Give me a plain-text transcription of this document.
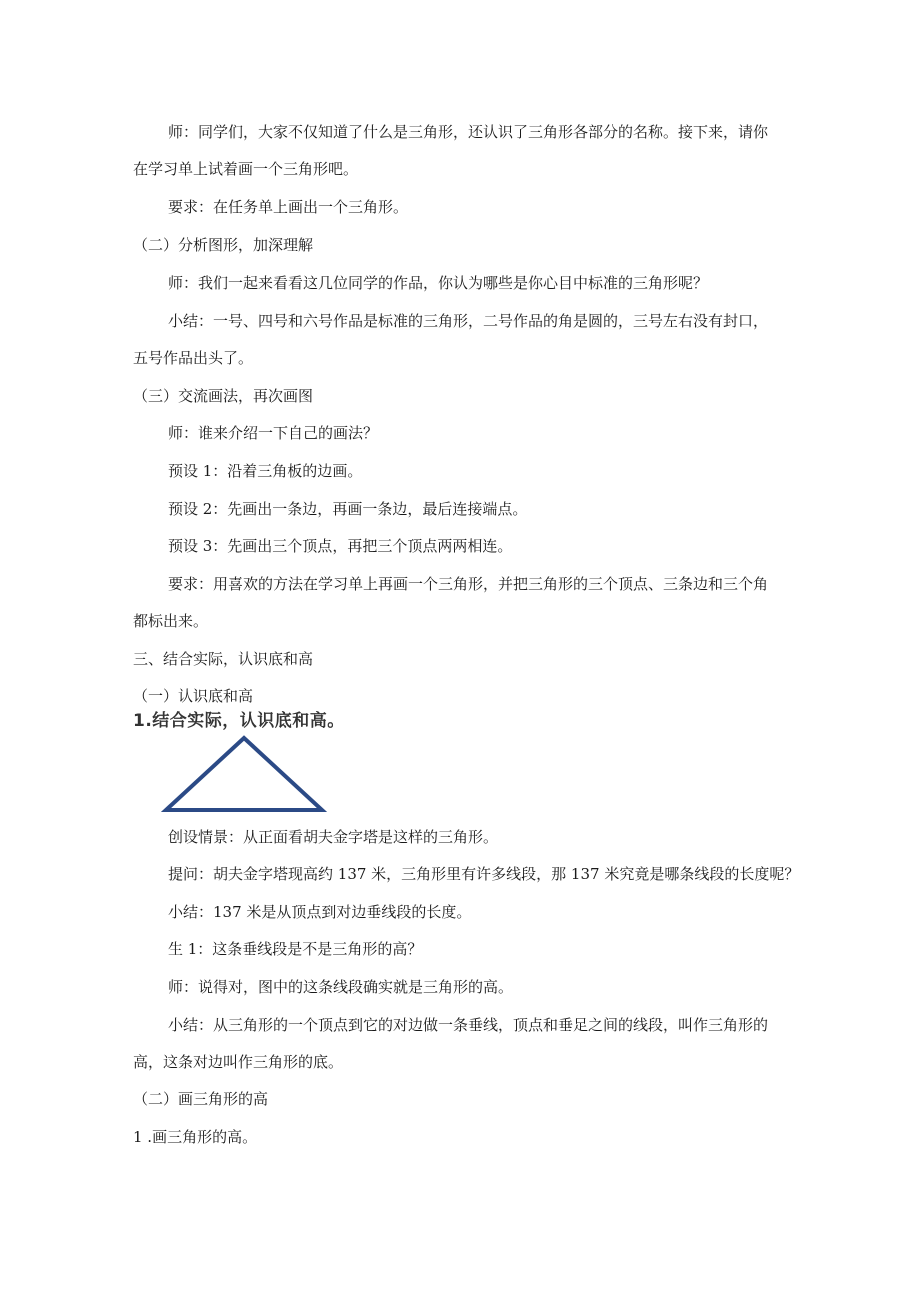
师：同学们，大家不仅知道了什么是三角形，还认识了三角形各部分的名称。接下来，请你
在学习单上试着画一个三角形吧。
要求：在任务单上画出一个三角形。
（二）分析图形，加深理解
师：我们一起来看看这几位同学的作品，你认为哪些是你心目中标准的三角形呢？
小结：一号、四号和六号作品是标准的三角形，二号作品的角是圆的，三号左右没有封口，
五号作品出头了。
（三）交流画法，再次画图
师：谁来介绍一下自己的画法？
预设 1：沿着三角板的边画。
预设 2：先画出一条边，再画一条边，最后连接端点。
预设 3：先画出三个顶点，再把三个顶点两两相连。
要求：用喜欢的方法在学习单上再画一个三角形，并把三角形的三个顶点、三条边和三个角
都标出来。
三、结合实际，认识底和高
（一）认识底和高
1.结合实际，认识底和高。
创设情景：从正面看胡夫金字塔是这样的三角形。
提问：胡夫金字塔现高约 137 米，三角形里有许多线段，那 137 米究竟是哪条线段的长度呢？
小结：137 米是从顶点到对边垂线段的长度。
生 1：这条垂线段是不是三角形的高？
师：说得对，图中的这条线段确实就是三角形的高。
小结：从三角形的一个顶点到它的对边做一条垂线，顶点和垂足之间的线段，叫作三角形的
高，这条对边叫作三角形的底。
（二）画三角形的高
1 .画三角形的高。
